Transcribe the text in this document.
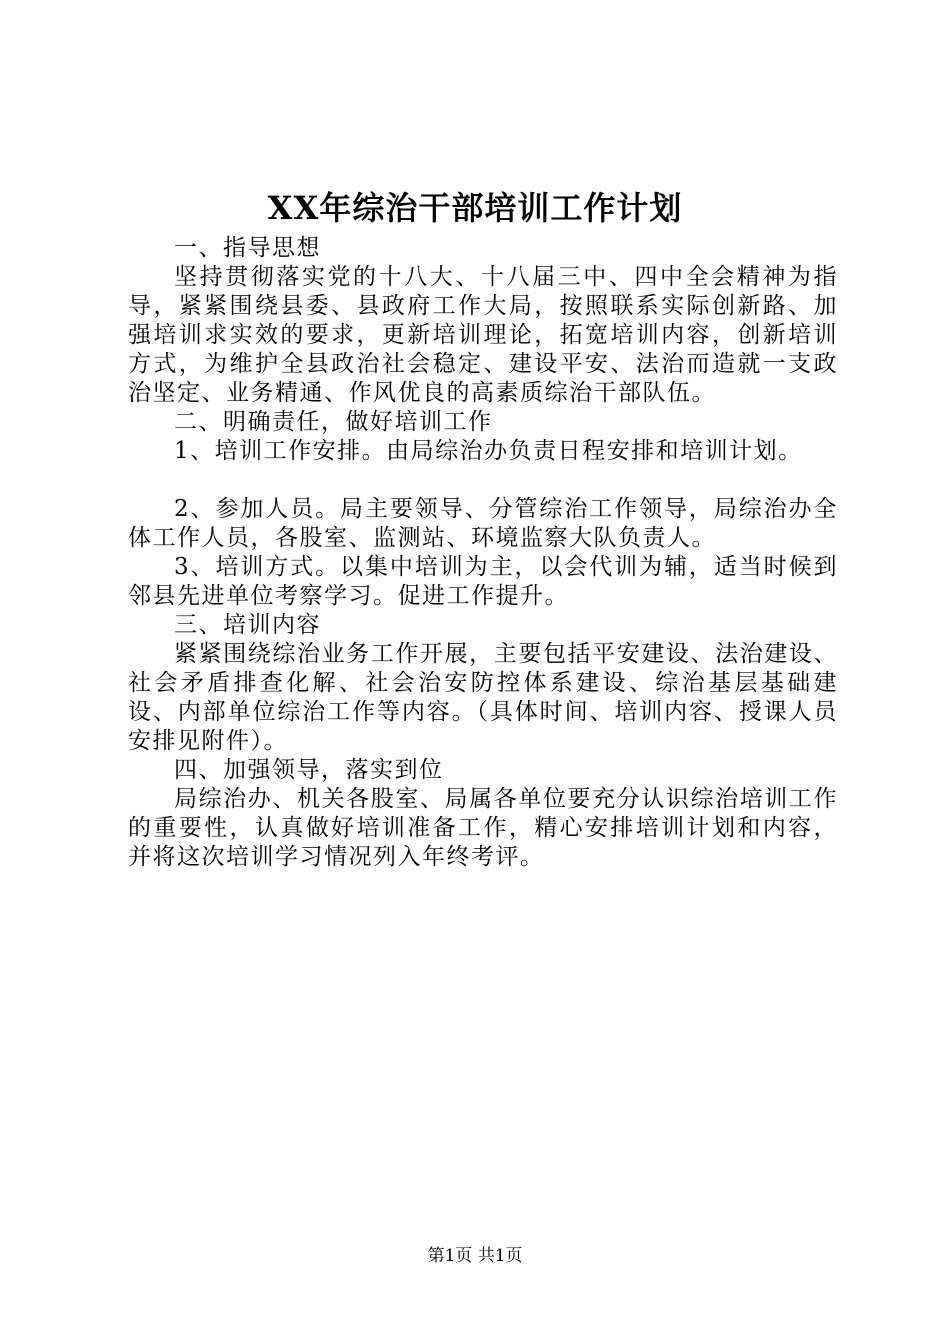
XX年综治干部培训工作计划

一、指导思想

坚持贯彻落实党的十八大、十八届三中、四中全会精神为指导，紧紧围绕县委、县政府工作大局，按照联系实际创新路、加强培训求实效的要求，更新培训理论，拓宽培训内容，创新培训方式，为维护全县政治社会稳定、建设平安、法治而造就一支政治坚定、业务精通、作风优良的高素质综治干部队伍。

二、明确责任，做好培训工作

1、培训工作安排。由局综治办负责日程安排和培训计划。

2、参加人员。局主要领导、分管综治工作领导，局综治办全体工作人员，各股室、监测站、环境监察大队负责人。

3、培训方式。以集中培训为主，以会代训为辅，适当时候到邻县先进单位考察学习。促进工作提升。

三、培训内容

紧紧围绕综治业务工作开展，主要包括平安建设、法治建设、社会矛盾排查化解、社会治安防控体系建设、综治基层基础建设、内部单位综治工作等内容。（具体时间、培训内容、授课人员安排见附件）。

四、加强领导，落实到位

局综治办、机关各股室、局属各单位要充分认识综治培训工作的重要性，认真做好培训准备工作，精心安排培训计划和内容，并将这次培训学习情况列入年终考评。

第1页 共1页
